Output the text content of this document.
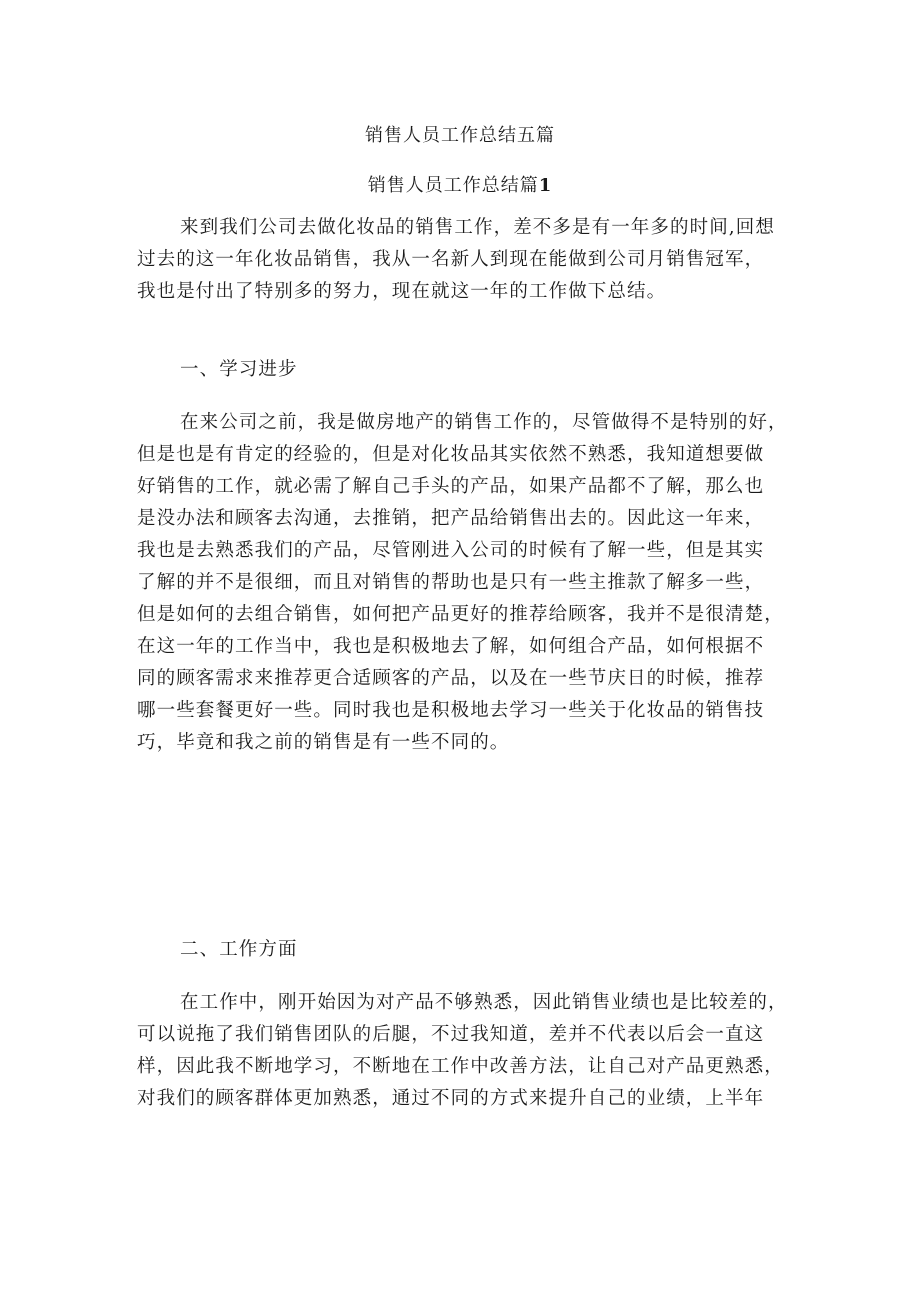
销售人员工作总结五篇
销售人员工作总结篇1
来到我们公司去做化妆品的销售工作，差不多是有一年多的时间,回想
过去的这一年化妆品销售，我从一名新人到现在能做到公司月销售冠军，
我也是付出了特别多的努力，现在就这一年的工作做下总结。
一、学习进步
在来公司之前，我是做房地产的销售工作的，尽管做得不是特别的好，
但是也是有肯定的经验的，但是对化妆品其实依然不熟悉，我知道想要做
好销售的工作，就必需了解自己手头的产品，如果产品都不了解，那么也
是没办法和顾客去沟通，去推销，把产品给销售出去的。因此这一年来，
我也是去熟悉我们的产品，尽管刚进入公司的时候有了解一些，但是其实
了解的并不是很细，而且对销售的帮助也是只有一些主推款了解多一些，
但是如何的去组合销售，如何把产品更好的推荐给顾客，我并不是很清楚，
在这一年的工作当中，我也是积极地去了解，如何组合产品，如何根据不
同的顾客需求来推荐更合适顾客的产品，以及在一些节庆日的时候，推荐
哪一些套餐更好一些。同时我也是积极地去学习一些关于化妆品的销售技
巧，毕竟和我之前的销售是有一些不同的。
二、工作方面
在工作中，刚开始因为对产品不够熟悉，因此销售业绩也是比较差的，
可以说拖了我们销售团队的后腿，不过我知道，差并不代表以后会一直这
样，因此我不断地学习，不断地在工作中改善方法，让自己对产品更熟悉，
对我们的顾客群体更加熟悉，通过不同的方式来提升自己的业绩，上半年
